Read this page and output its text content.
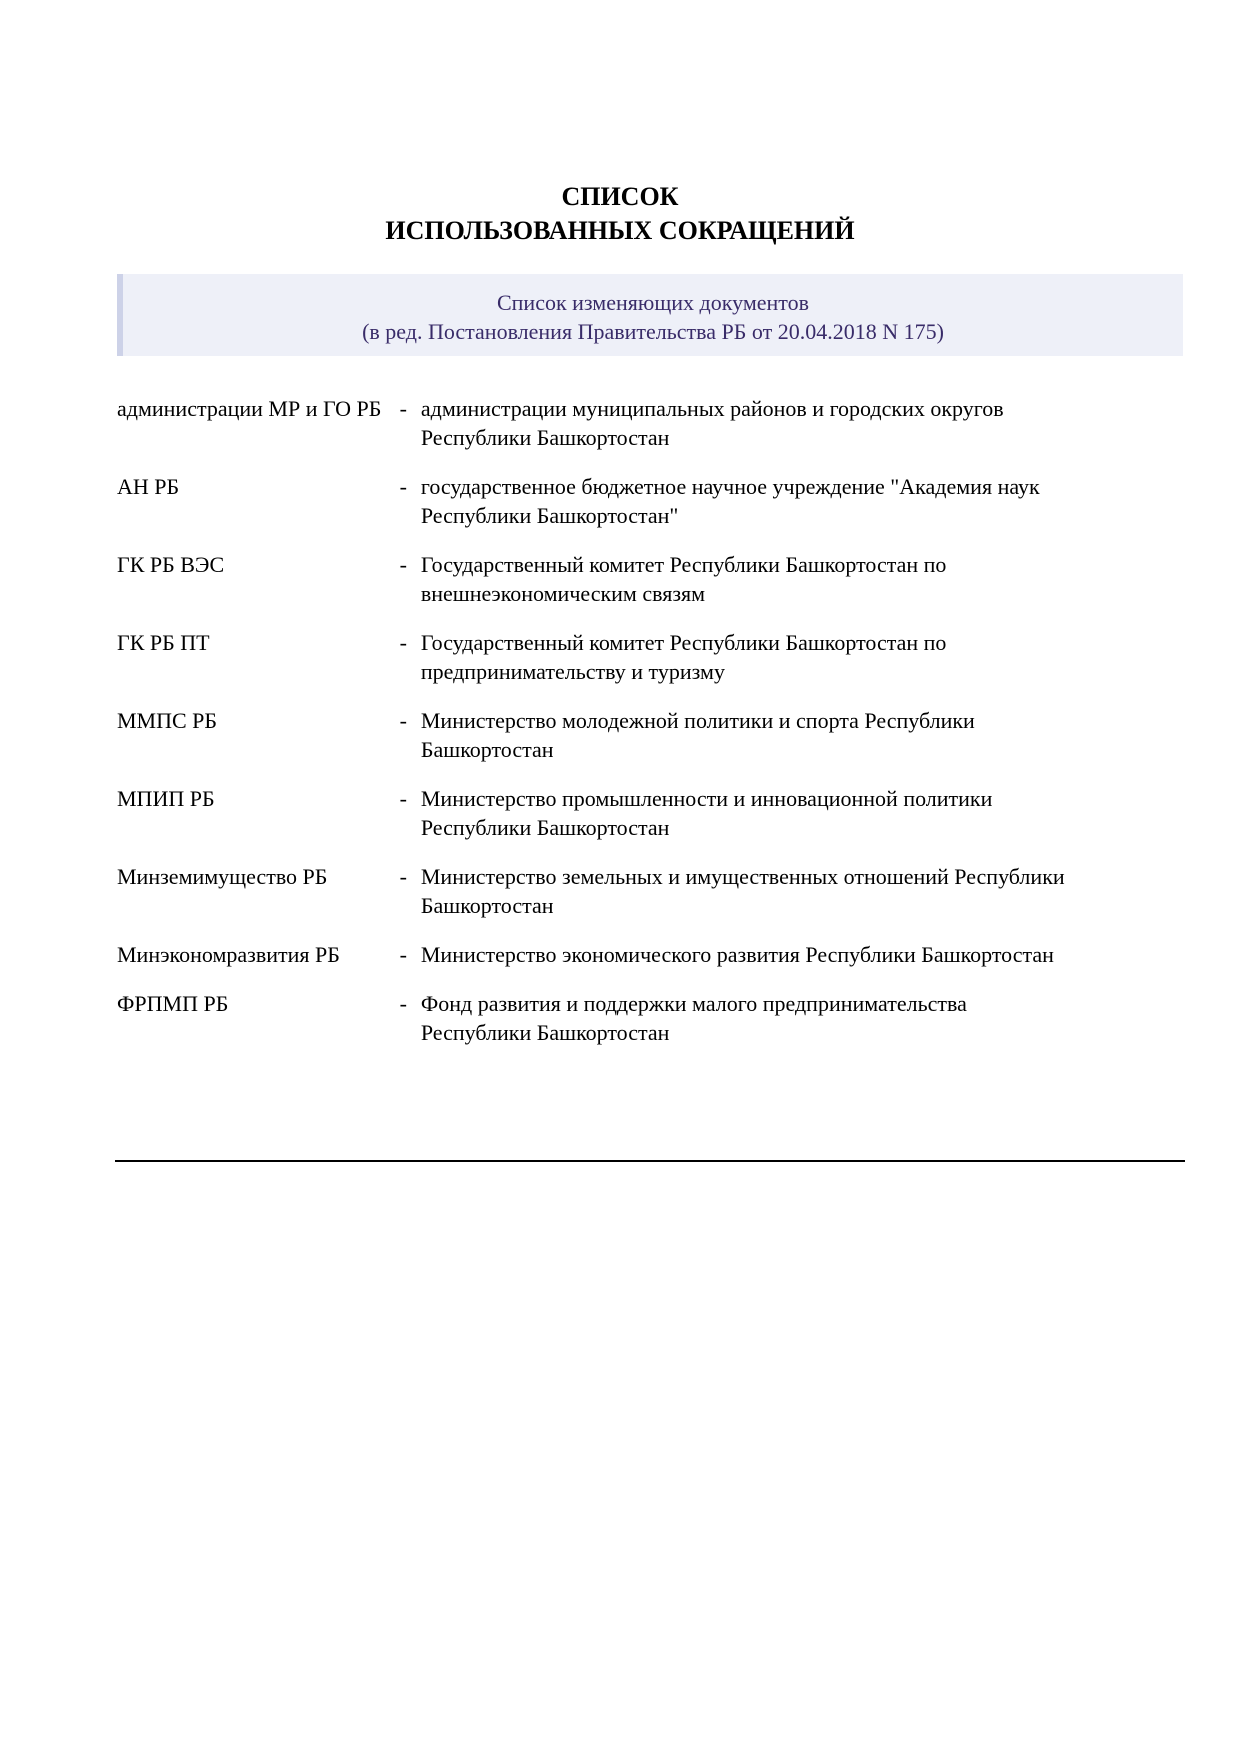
СПИСОК
ИСПОЛЬЗОВАННЫХ СОКРАЩЕНИЙ
Список изменяющих документов
(в ред. Постановления Правительства РБ от 20.04.2018 N 175)
администрации МР и ГО РБ	-	администрации муниципальных районов и городских округов Республики Башкортостан
АН РБ	-	государственное бюджетное научное учреждение "Академия наук Республики Башкортостан"
ГК РБ ВЭС	-	Государственный комитет Республики Башкортостан по внешнеэкономическим связям
ГК РБ ПТ	-	Государственный комитет Республики Башкортостан по предпринимательству и туризму
ММПС РБ	-	Министерство молодежной политики и спорта Республики Башкортостан
МПИП РБ	-	Министерство промышленности и инновационной политики Республики Башкортостан
Минземимущество РБ	-	Министерство земельных и имущественных отношений Республики Башкортостан
Минэкономразвития РБ	-	Министерство экономического развития Республики Башкортостан
ФРПМП РБ	-	Фонд развития и поддержки малого предпринимательства Республики Башкортостан
